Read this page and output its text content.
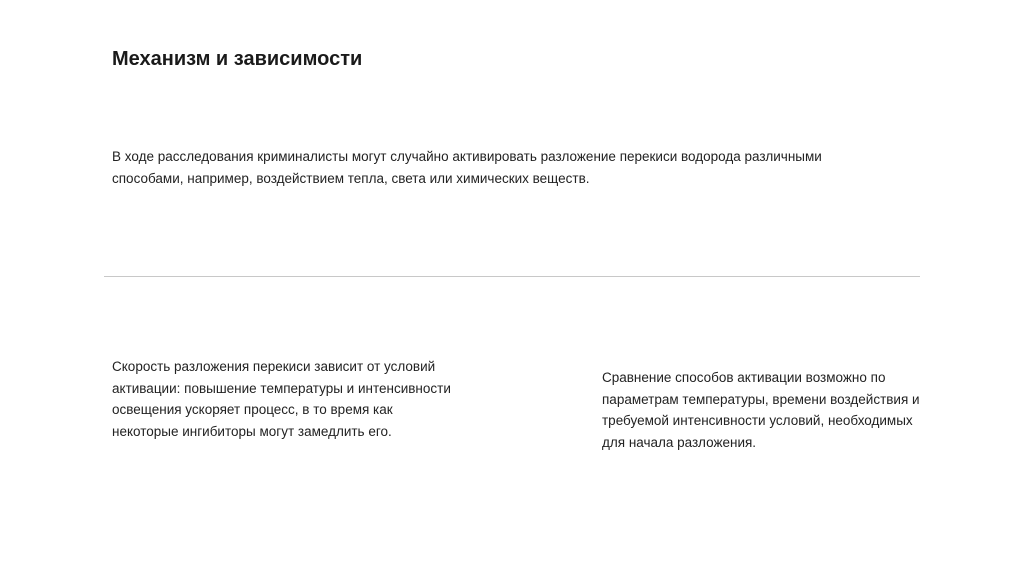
Механизм и зависимости

В ходе расследования криминалисты могут случайно активировать разложение перекиси водорода различными способами, например, воздействием тепла, света или химических веществ.

Скорость разложения перекиси зависит от условий активации: повышение температуры и интенсивности освещения ускоряет процесс, в то время как некоторые ингибиторы могут замедлить его.

Сравнение способов активации возможно по параметрам температуры, времени воздействия и требуемой интенсивности условий, необходимых для начала разложения.
